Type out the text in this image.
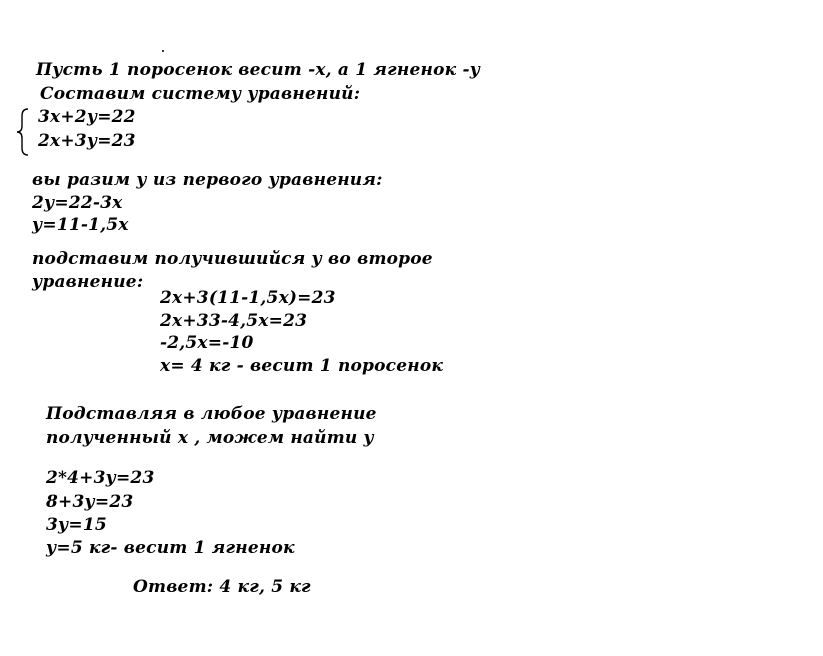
Пусть 1 поросенок весит -х, а 1 ягненок -у
Составим систему уравнений:
3х+2у=22
2х+3у=23
вы разим у из первого уравнения:
2у=22-3х
у=11-1,5х
подставим получившийся у во второе
уравнение:
2х+3(11-1,5х)=23
2х+33-4,5х=23
-2,5х=-10
х= 4 кг - весит 1 поросенок
Подставляя в любое уравнение
полученный х , можем найти у
2*4+3у=23
8+3у=23
3у=15
у=5 кг- весит 1 ягненок
Ответ: 4 кг, 5 кг
